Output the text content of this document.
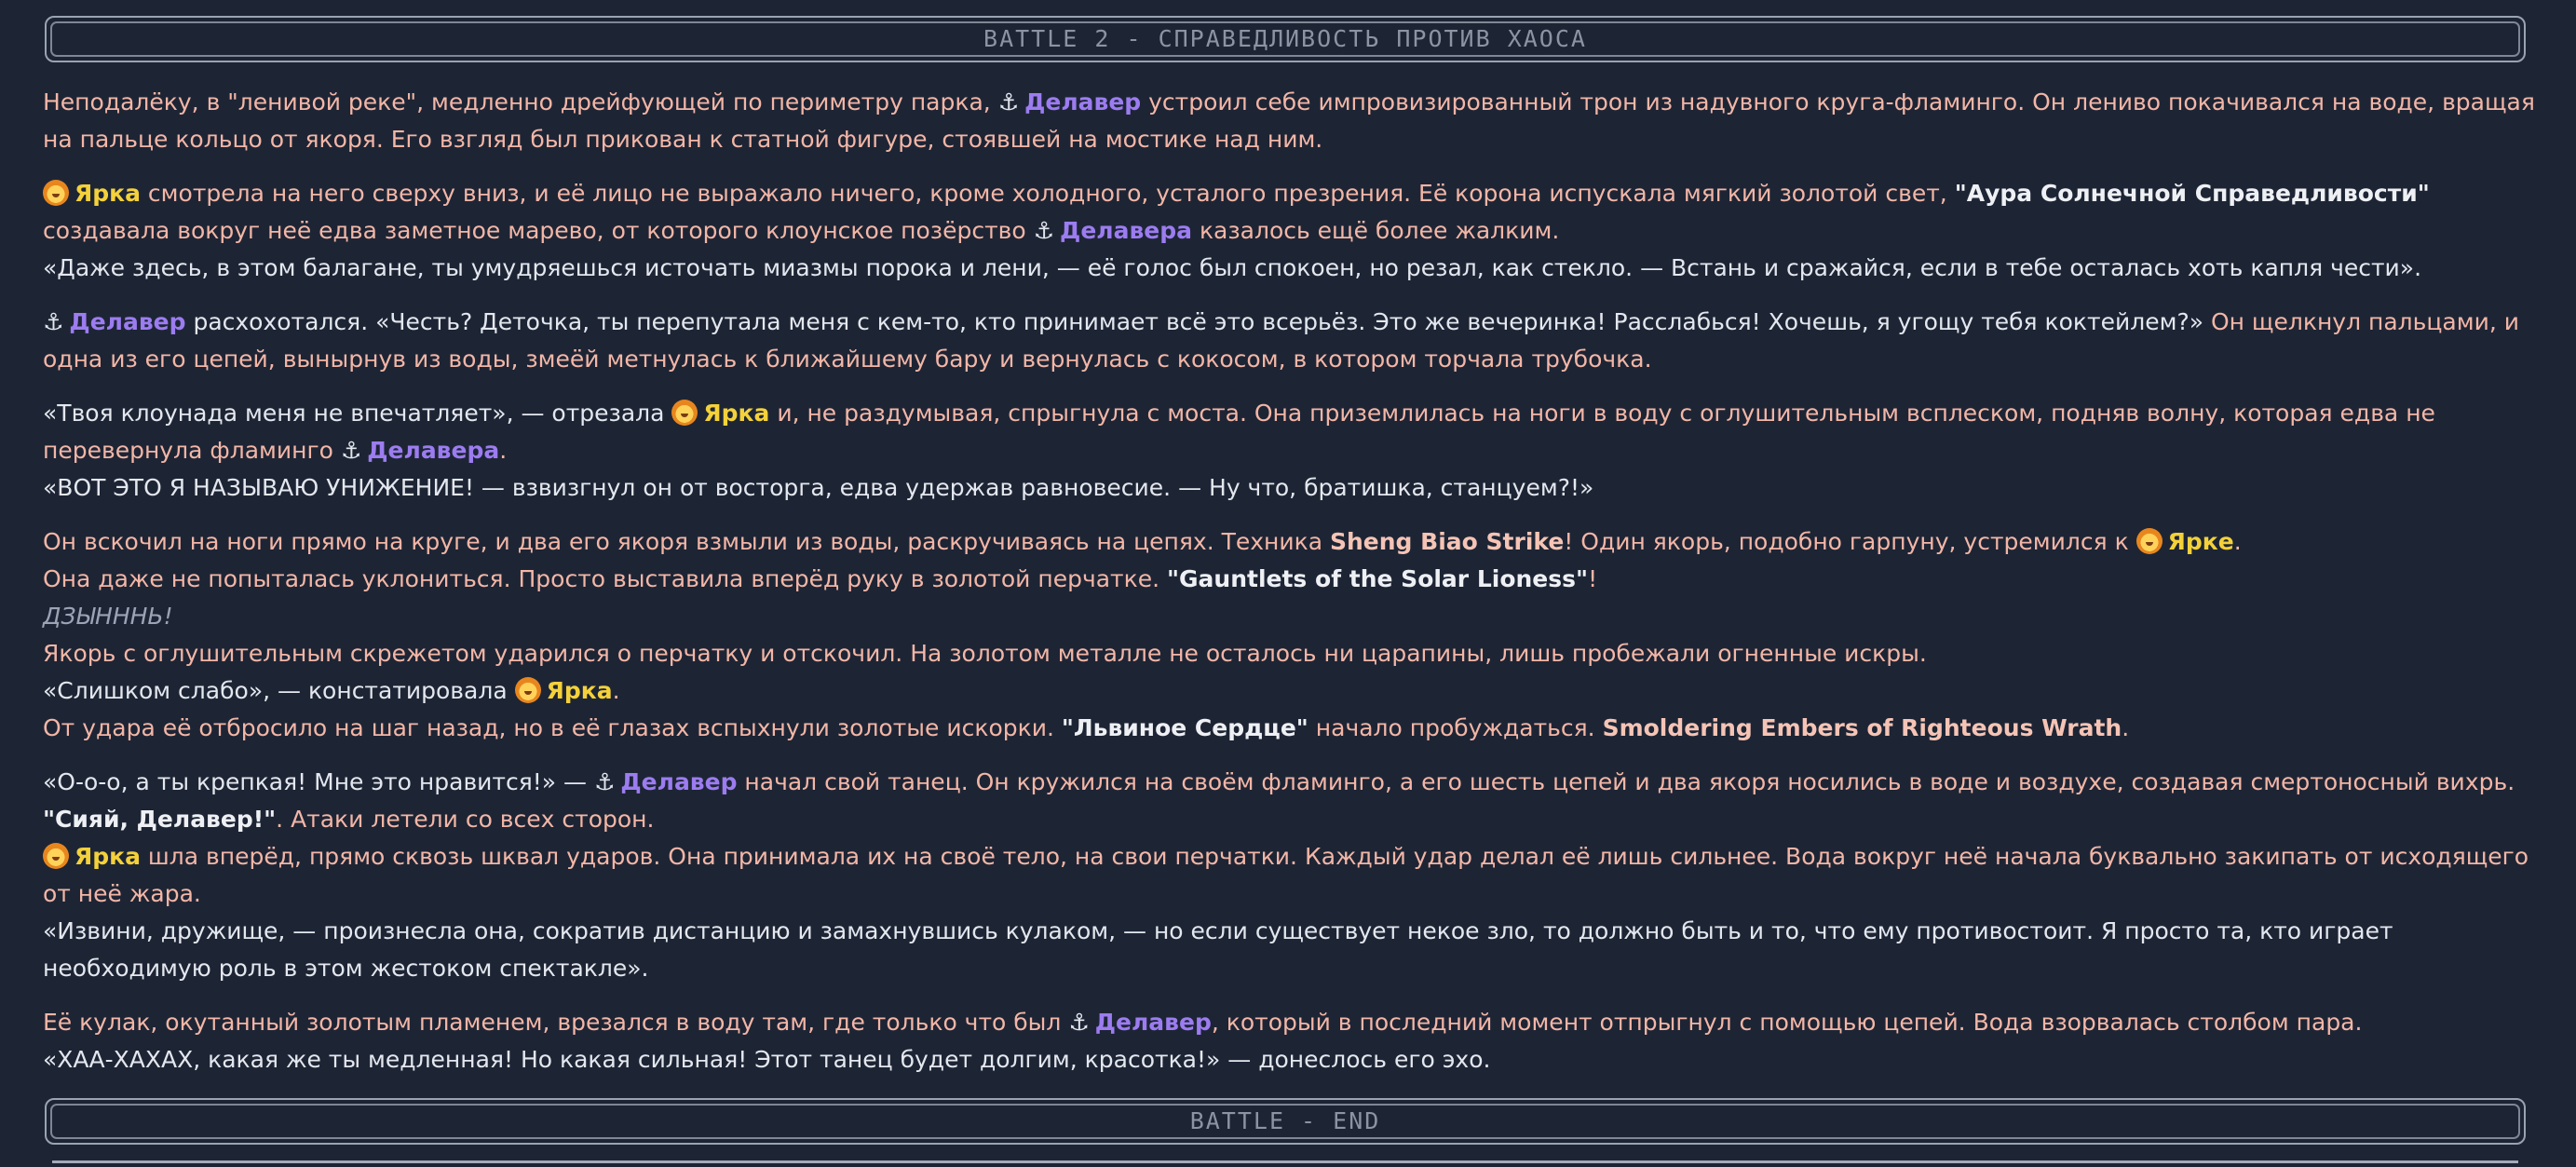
BATTLE 2 - СПРАВЕДЛИВОСТЬ ПРОТИВ ХАОСА

Неподалёку, в "ленивой реке", медленно дрейфующей по периметру парка, ⚓ Делавер устроил себе импровизированный трон из надувного круга-фламинго. Он лениво покачивался на воде, вращая на пальце кольцо от якоря. Его взгляд был прикован к статной фигуре, стоявшей на мостике над ним.

Ярка смотрела на него сверху вниз, и её лицо не выражало ничего, кроме холодного, усталого презрения. Её корона испускала мягкий золотой свет, "Аура Солнечной Справедливости" создавала вокруг неё едва заметное марево, от которого клоунское позёрство ⚓ Делавера казалось ещё более жалким.
«Даже здесь, в этом балагане, ты умудряешься источать миазмы порока и лени, — её голос был спокоен, но резал, как стекло. — Встань и сражайся, если в тебе осталась хоть капля чести».

⚓ Делавер расхохотался. «Честь? Деточка, ты перепутала меня с кем-то, кто принимает всё это всерьёз. Это же вечеринка! Расслабься! Хочешь, я угощу тебя коктейлем?» Он щелкнул пальцами, и одна из его цепей, вынырнув из воды, змеёй метнулась к ближайшему бару и вернулась с кокосом, в котором торчала трубочка.

«Твоя клоунада меня не впечатляет», — отрезала Ярка и, не раздумывая, спрыгнула с моста. Она приземлилась на ноги в воду с оглушительным всплеском, подняв волну, которая едва не перевернула фламинго ⚓ Делавера.
«ВОТ ЭТО Я НАЗЫВАЮ УНИЖЕНИЕ! — взвизгнул он от восторга, едва удержав равновесие. — Ну что, братишка, станцуем?!»

Он вскочил на ноги прямо на круге, и два его якоря взмыли из воды, раскручиваясь на цепях. Техника Sheng Biao Strike! Один якорь, подобно гарпуну, устремился к Ярке.
Она даже не попыталась уклониться. Просто выставила вперёд руку в золотой перчатке. "Gauntlets of the Solar Lioness"!
ДЗЫНННЬ!
Якорь с оглушительным скрежетом ударился о перчатку и отскочил. На золотом металле не осталось ни царапины, лишь пробежали огненные искры.
«Слишком слабо», — констатировала Ярка.
От удара её отбросило на шаг назад, но в её глазах вспыхнули золотые искорки. "Львиное Сердце" начало пробуждаться. Smoldering Embers of Righteous Wrath.

«О-о-о, а ты крепкая! Мне это нравится!» — ⚓ Делавер начал свой танец. Он кружился на своём фламинго, а его шесть цепей и два якоря носились в воде и воздухе, создавая смертоносный вихрь.
"Сияй, Делавер!". Атаки летели со всех сторон.
Ярка шла вперёд, прямо сквозь шквал ударов. Она принимала их на своё тело, на свои перчатки. Каждый удар делал её лишь сильнее. Вода вокруг неё начала буквально закипать от исходящего от неё жара.
«Извини, дружище, — произнесла она, сократив дистанцию и замахнувшись кулаком, — но если существует некое зло, то должно быть и то, что ему противостоит. Я просто та, кто играет необходимую роль в этом жестоком спектакле».

Её кулак, окутанный золотым пламенем, врезался в воду там, где только что был ⚓ Делавер, который в последний момент отпрыгнул с помощью цепей. Вода взорвалась столбом пара.
«ХАА-ХАХАХ, какая же ты медленная! Но какая сильная! Этот танец будет долгим, красотка!» — донеслось его эхо.

BATTLE - END
